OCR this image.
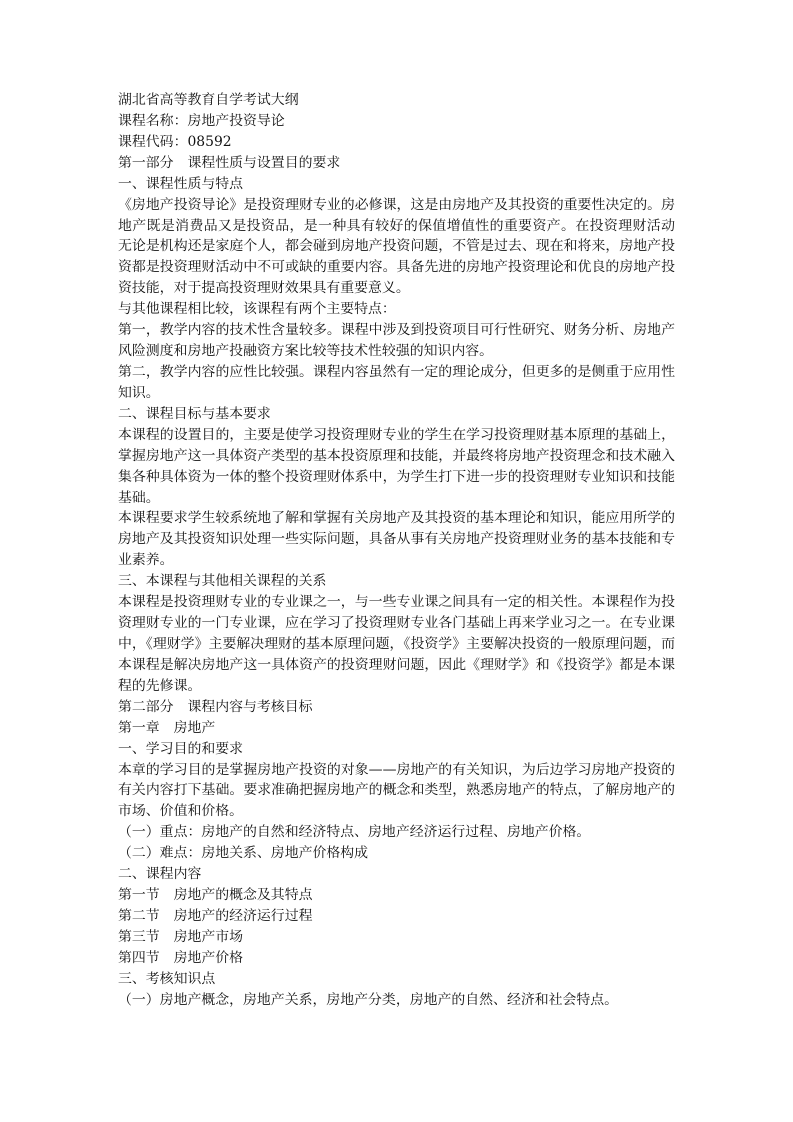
湖北省高等教育自学考试大纲
课程名称：房地产投资导论
课程代码：08592
第一部分　课程性质与设置目的要求
一、课程性质与特点
《房地产投资导论》是投资理财专业的必修课，这是由房地产及其投资的重要性决定的。房
地产既是消费品又是投资品，是一种具有较好的保值增值性的重要资产。在投资理财活动
无论是机构还是家庭个人，都会碰到房地产投资问题，不管是过去、现在和将来，房地产投
资都是投资理财活动中不可或缺的重要内容。具备先进的房地产投资理论和优良的房地产投
资技能，对于提高投资理财效果具有重要意义。
与其他课程相比较，该课程有两个主要特点：
第一，教学内容的技术性含量较多。课程中涉及到投资项目可行性研究、财务分析、房地产
风险测度和房地产投融资方案比较等技术性较强的知识内容。
第二，教学内容的应性比较强。课程内容虽然有一定的理论成分，但更多的是侧重于应用性
知识。
二、课程目标与基本要求
本课程的设置目的，主要是使学习投资理财专业的学生在学习投资理财基本原理的基础上，
掌握房地产这一具体资产类型的基本投资原理和技能，并最终将房地产投资理念和技术融入
集各种具体资为一体的整个投资理财体系中，为学生打下进一步的投资理财专业知识和技能
基础。
本课程要求学生较系统地了解和掌握有关房地产及其投资的基本理论和知识，能应用所学的
房地产及其投资知识处理一些实际问题，具备从事有关房地产投资理财业务的基本技能和专
业素养。
三、本课程与其他相关课程的关系
本课程是投资理财专业的专业课之一，与一些专业课之间具有一定的相关性。本课程作为投
资理财专业的一门专业课，应在学习了投资理财专业各门基础上再来学业习之一。在专业课
中，《理财学》主要解决理财的基本原理问题，《投资学》主要解决投资的一般原理问题，而
本课程是解决房地产这一具体资产的投资理财问题，因此《理财学》和《投资学》都是本课
程的先修课。
第二部分　课程内容与考核目标
第一章　房地产
一、学习目的和要求
本章的学习目的是掌握房地产投资的对象——房地产的有关知识，为后边学习房地产投资的
有关内容打下基础。要求准确把握房地产的概念和类型，熟悉房地产的特点，了解房地产的
市场、价值和价格。
（一）重点：房地产的自然和经济特点、房地产经济运行过程、房地产价格。
（二）难点：房地关系、房地产价格构成
二、课程内容
第一节　房地产的概念及其特点
第二节　房地产的经济运行过程
第三节　房地产市场
第四节　房地产价格
三、考核知识点
（一）房地产概念，房地产关系，房地产分类，房地产的自然、经济和社会特点。
